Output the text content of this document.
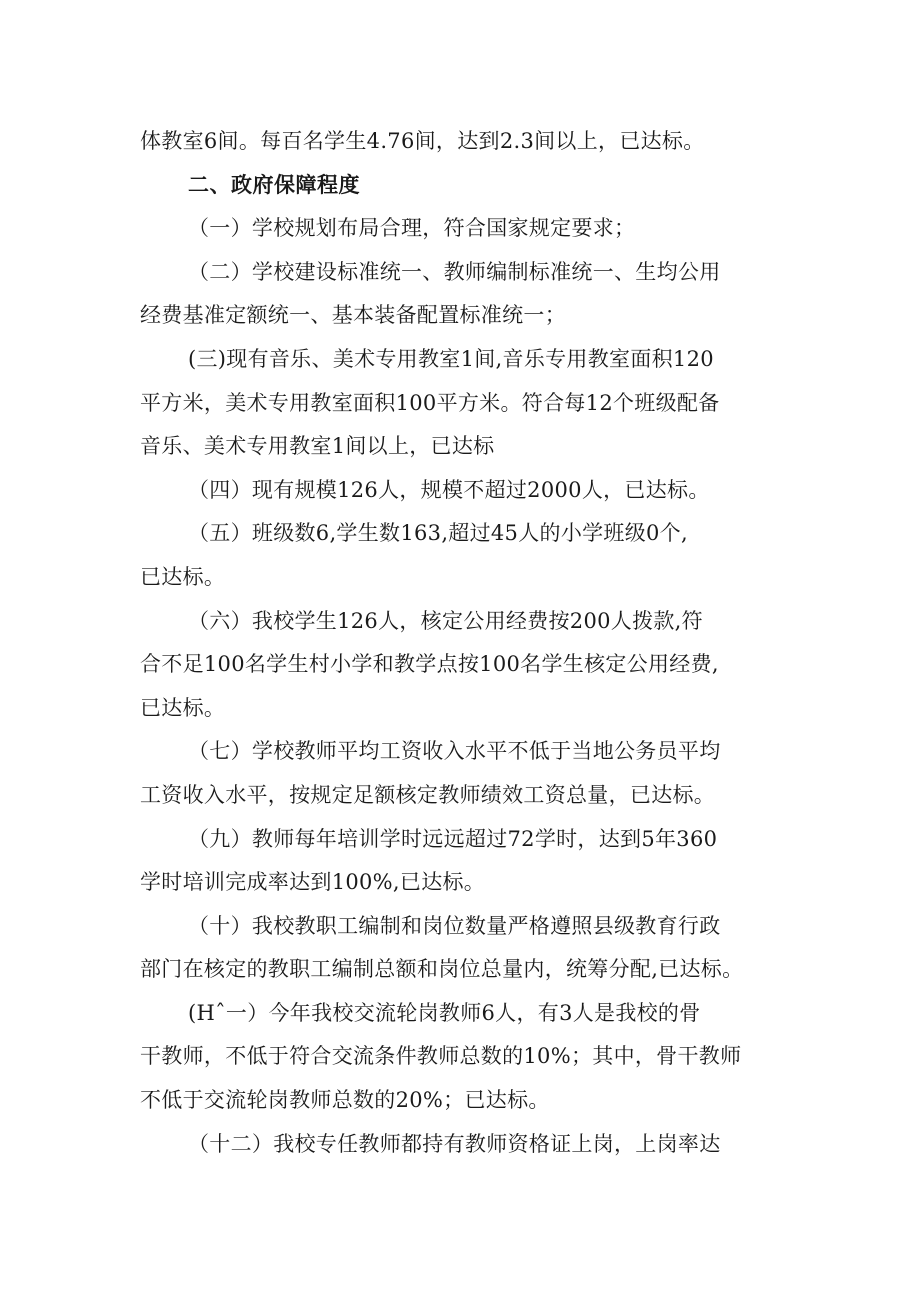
体教室6间。每百名学生4.76间，达到2.3间以上，已达标。
二、政府保障程度
（一）学校规划布局合理，符合国家规定要求；
（二）学校建设标准统一、教师编制标准统一、生均公用
经费基准定额统一、基本装备配置标准统一；
(三)现有音乐、美术专用教室1间,音乐专用教室面积120
平方米，美术专用教室面积100平方米。符合每12个班级配备
音乐、美术专用教室1间以上，已达标
（四）现有规模126人，规模不超过2000人，已达标。
（五）班级数6,学生数163,超过45人的小学班级0个,
已达标。
（六）我校学生126人，核定公用经费按200人拨款,符
合不足100名学生村小学和教学点按100名学生核定公用经费,
已达标。
（七）学校教师平均工资收入水平不低于当地公务员平均
工资收入水平，按规定足额核定教师绩效工资总量，已达标。
（九）教师每年培训学时远远超过72学时，达到5年360
学时培训完成率达到100%,已达标。
（十）我校教职工编制和岗位数量严格遵照县级教育行政
部门在核定的教职工编制总额和岗位总量内，统筹分配,已达标。
(Hˆ一）今年我校交流轮岗教师6人，有3人是我校的骨
干教师，不低于符合交流条件教师总数的10%；其中，骨干教师
不低于交流轮岗教师总数的20%；已达标。
（十二）我校专任教师都持有教师资格证上岗，上岗率达
